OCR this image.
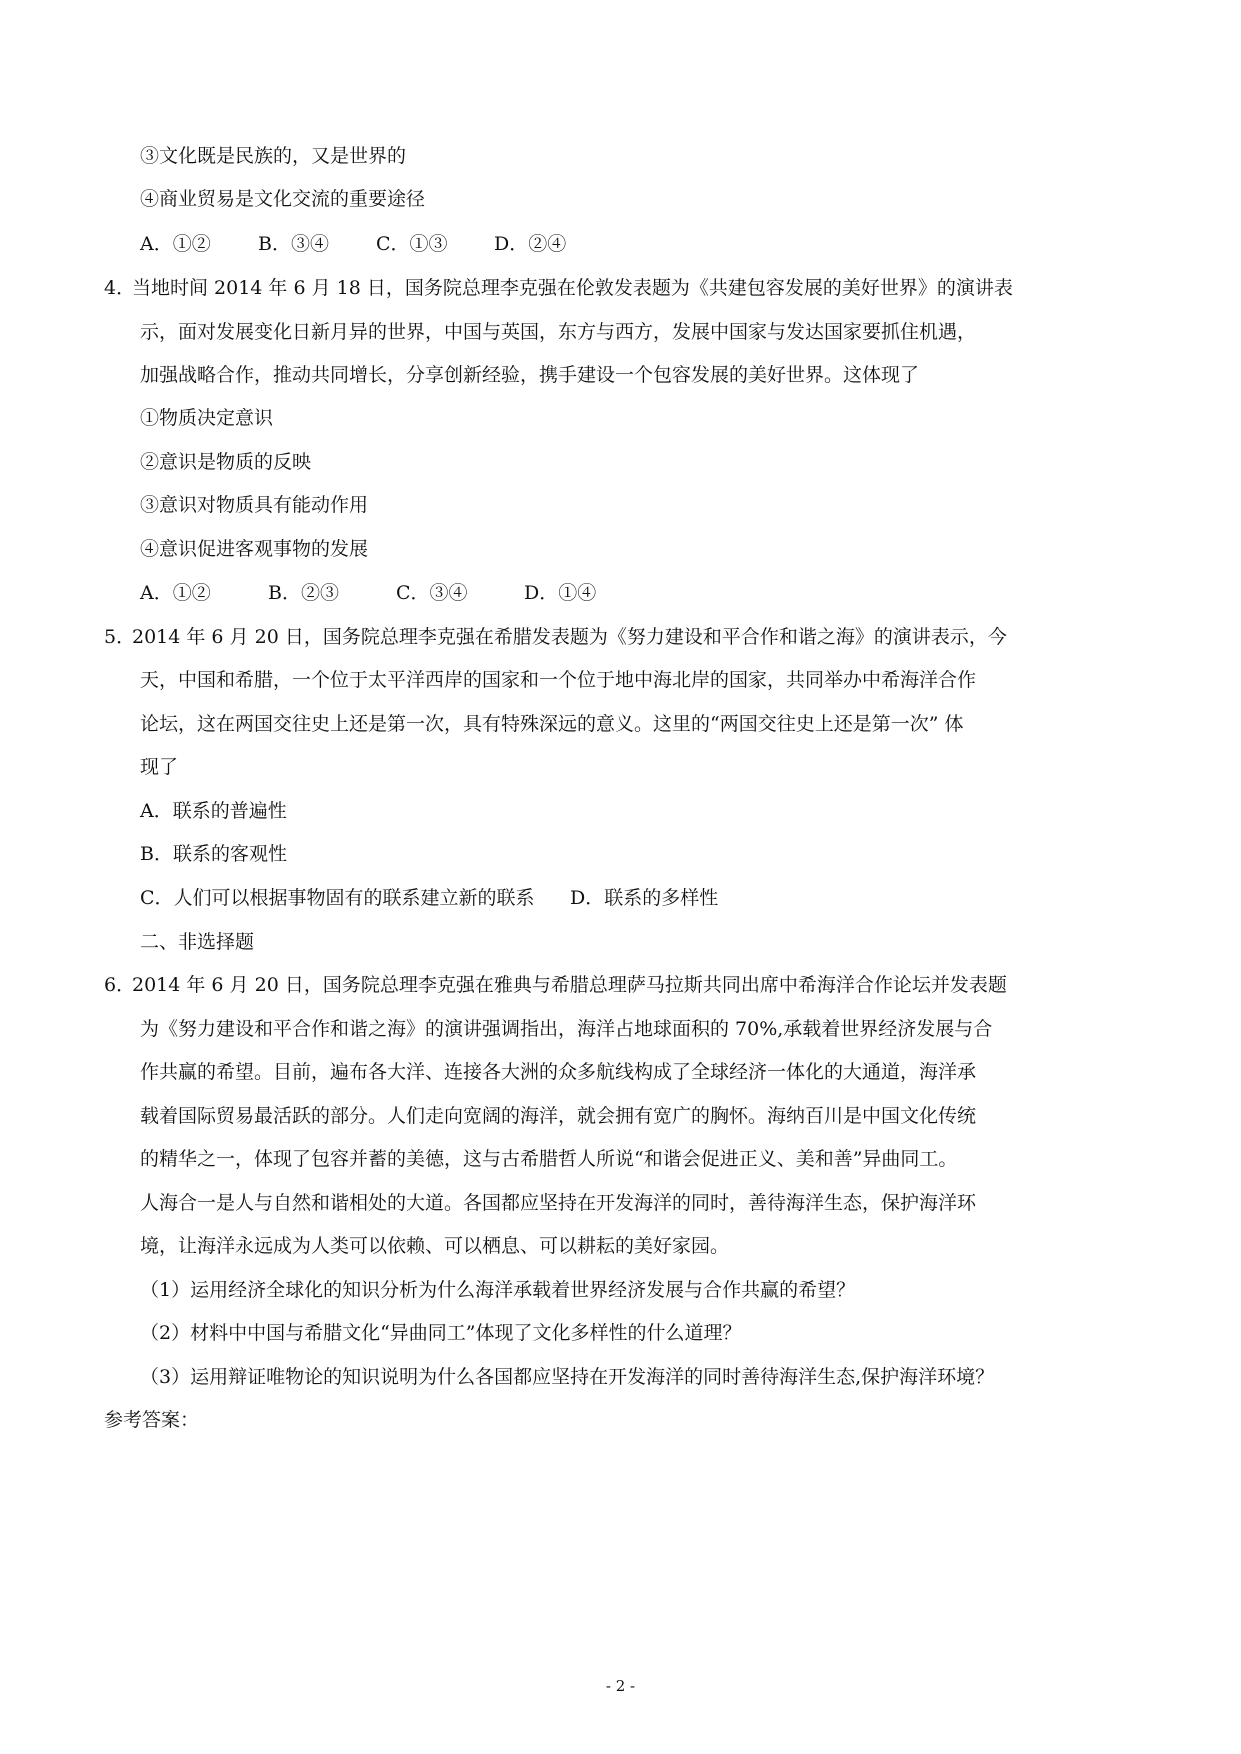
③文化既是民族的，又是世界的
④商业贸易是文化交流的重要途径
A．①② B．③④ C．①③ D．②④
4．
当地时间 2014 年 6 月 18 日，国务院总理李克强在伦敦发表题为《共建包容发展的美好世界》的演讲表
示，面对发展变化日新月异的世界，中国与英国，东方与西方，发展中国家与发达国家要抓住机遇，
加强战略合作，推动共同增长，分享创新经验，携手建设一个包容发展的美好世界。这体现了
①物质决定意识
②意识是物质的反映
③意识对物质具有能动作用
④意识促进客观事物的发展
A．①②	B．②③	C．③④	D．①④
5．
2014 年 6 月 20 日，国务院总理李克强在希腊发表题为《努力建设和平合作和谐之海》的演讲表示，今
天，中国和希腊，一个位于太平洋西岸的国家和一个位于地中海北岸的国家，共同举办中希海洋合作
论坛，这在两国交往史上还是第一次，具有特殊深远的意义。这里的“两国交往史上还是第一次” 体
现了
A．联系的普遍性
B．联系的客观性
C．人们可以根据事物固有的联系建立新的联系 D．联系的多样性
二、非选择题
6．
2014 年 6 月 20 日，国务院总理李克强在雅典与希腊总理萨马拉斯共同出席中希海洋合作论坛并发表题
为《努力建设和平合作和谐之海》的演讲强调指出，海洋占地球面积的 70%,承载着世界经济发展与合
作共赢的希望。目前，遍布各大洋、连接各大洲的众多航线构成了全球经济一体化的大通道，海洋承
载着国际贸易最活跃的部分。人们走向宽阔的海洋，就会拥有宽广的胸怀。海纳百川是中国文化传统
的精华之一，体现了包容并蓄的美德，这与古希腊哲人所说“和谐会促进正义、美和善”异曲同工。
人海合一是人与自然和谐相处的大道。各国都应坚持在开发海洋的同时，善待海洋生态，保护海洋环
境，让海洋永远成为人类可以依赖、可以栖息、可以耕耘的美好家园。
（1）运用经济全球化的知识分析为什么海洋承载着世界经济发展与合作共赢的希望？
（2）材料中中国与希腊文化“异曲同工”体现了文化多样性的什么道理？
（3）运用辩证唯物论的知识说明为什么各国都应坚持在开发海洋的同时善待海洋生态,保护海洋环境？
参考答案：
- 2 -
